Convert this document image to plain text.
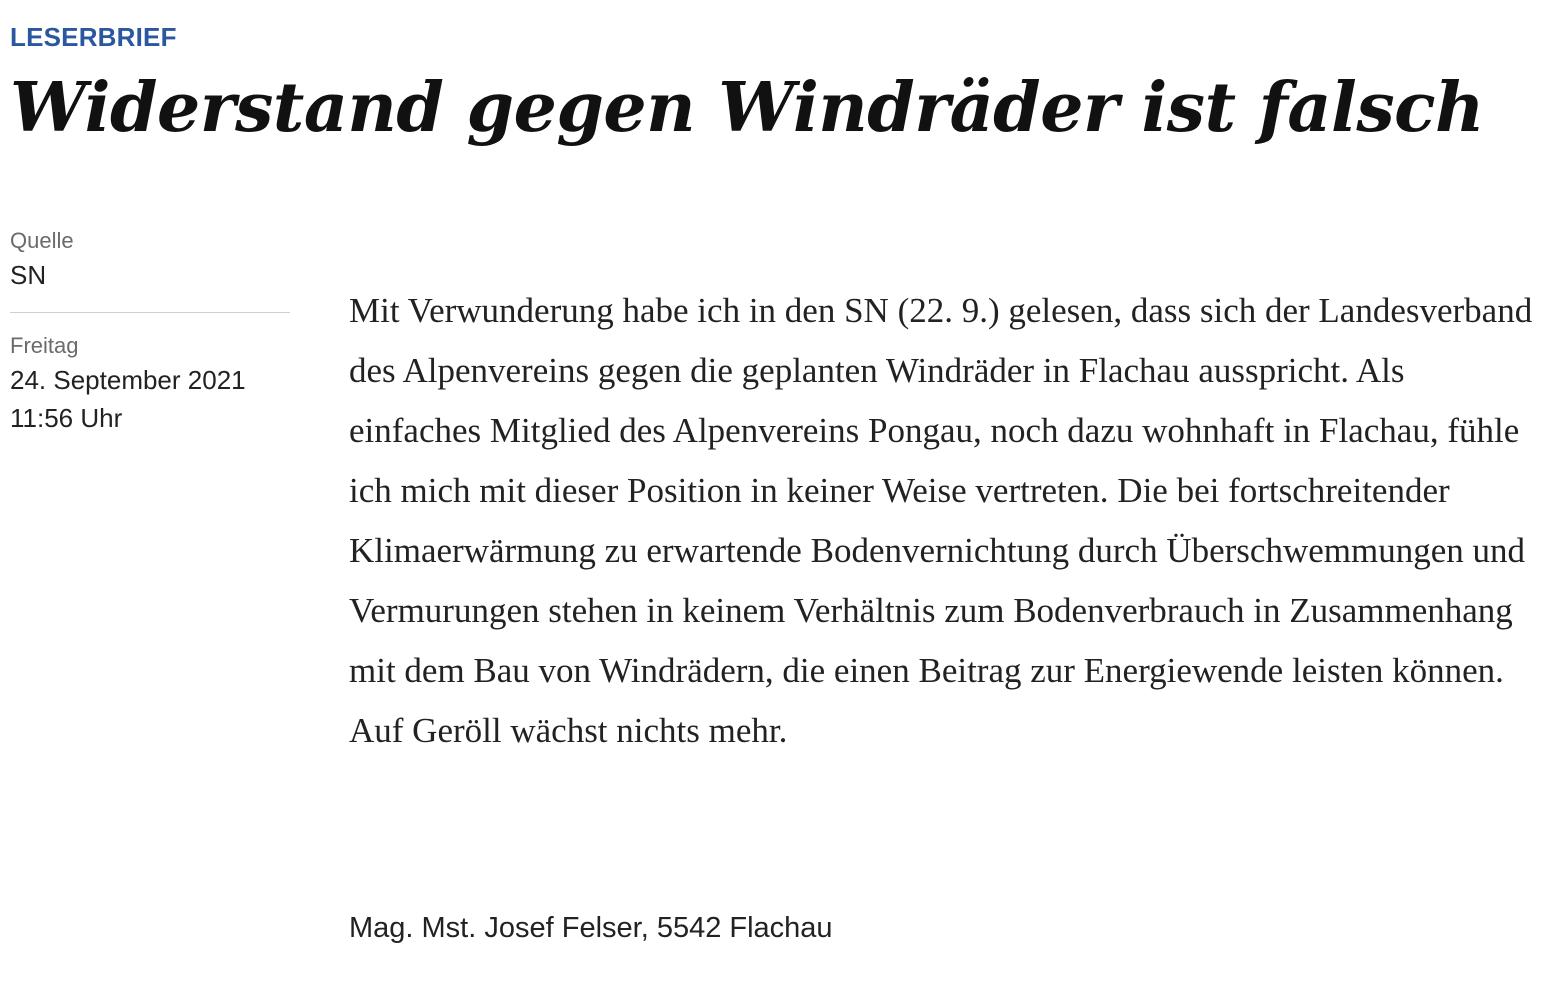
LESERBRIEF
Widerstand gegen Windräder ist falsch
Quelle
SN
Freitag
24. September 2021
11:56 Uhr

Mit Verwunderung habe ich in den SN (22. 9.) gelesen, dass sich der Landesverband des Alpenvereins gegen die geplanten Windräder in Flachau ausspricht. Als einfaches Mitglied des Alpenvereins Pongau, noch dazu wohnhaft in Flachau, fühle ich mich mit dieser Position in keiner Weise vertreten. Die bei fortschreitender Klimaerwärmung zu erwartende Bodenvernichtung durch Überschwemmungen und Vermurungen stehen in keinem Verhältnis zum Bodenverbrauch in Zusammenhang mit dem Bau von Windrädern, die einen Beitrag zur Energiewende leisten können. Auf Geröll wächst nichts mehr.

Mag. Mst. Josef Felser, 5542 Flachau
